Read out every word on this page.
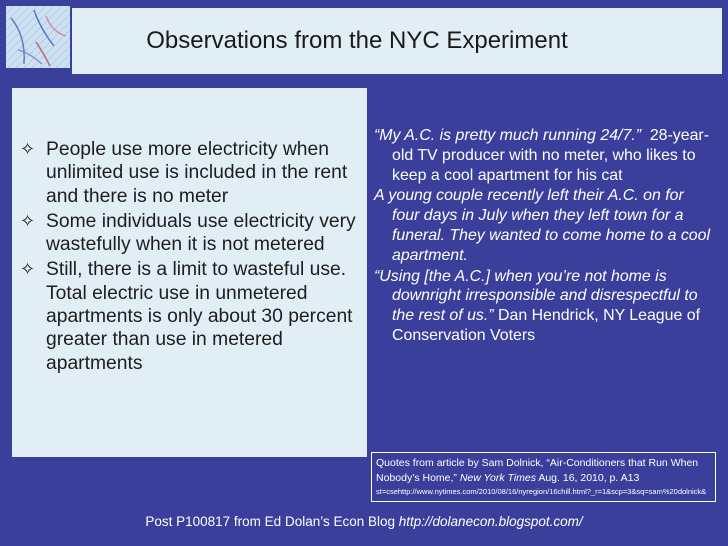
Observations from the NYC Experiment
✧ People use more electricity when unlimited use is included in the rent and there is no meter
✧ Some individuals use electricity very wastefully when it is not metered
✧ Still, there is a limit to wasteful use. Total electric use in unmetered apartments is only about 30 percent greater than use in metered apartments
“My A.C. is pretty much running 24/7.” 28-year-old TV producer with no meter, who likes to keep a cool apartment for his cat
A young couple recently left their A.C. on for four days in July when they left town for a funeral. They wanted to come home to a cool apartment.
“Using [the A.C.] when you’re not home is downright irresponsible and disrespectful to the rest of us.” Dan Hendrick, NY League of Conservation Voters
Quotes from article by Sam Dolnick, “Air-Conditioners that Run When Nobody’s Home,” New York Times Aug. 16, 2010, p. A13
st=csehttp://www.nytimes.com/2010/08/16/nyregion/16chill.html?_r=1&scp=3&sq=sam%20dolnick&
Post P100817 from Ed Dolan’s Econ Blog http://dolanecon.blogspot.com/
